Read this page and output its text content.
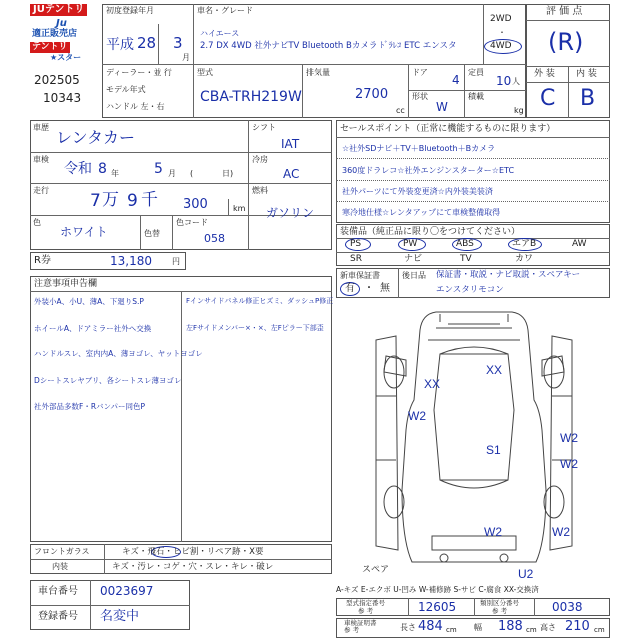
JUテントリ
Ju
適正販売店
テントリ
★スター
202505
10343
初度登録年月
平成 28 3
月
車名・グレード
ハイエース
2.7 DX 4WD 社外ナビTV Bluetooth Bカメラ ﾄﾞﾗﾚｺ ETC エンスタ
2WD
・
4WD
ディーラー・並 行
モデル年式
ハンドル 左・右
型式
CBA-TRH219W
排気量
2700
cc
ドア
4
定員
10 人
形状
W
積載
kg
評 価 点
(R)
外 装 内 装
C B
車歴
レンタカー
シフト
IAT
車検
令和 8 年	5 月 (	日)
冷房
AC
走行
7 万 9 千 300	km
燃料
ガソリン
色
ホワイト	色替
色コード
058
R券	13,180	円
セールスポイント（正常に機能するものに限ります）
☆社外SDナビ＋TV＋Bluetooth＋Bカメラ
360度ドラレコ☆社外エンジンスターター☆ETC
社外パーツにて外装変更済☆内外装美装済
寒冷地仕様☆レンタアップにて車検整備取得
装備品（純正品に限り〇をつけてください）
PS	PW	ABS	エアB	AW
SR	ナビ	TV	カワ
新車保証書
有 ・ 無
後日品 保証書・取説・ナビ取説・スペアキー
エンスタリモコン
注意事項申告欄
外装小A、小U、薄A、下廻りS.P
ホイールA、ドアミラー社外へ交換
ハンドルスレ、室内内A、薄ヨゴレ、ヤットヨゴレ
Dシートスレヤブリ、各シートスレ薄ヨゴレ
社外部品多数F・Rバンパー同色P
Fインサイドパネル修正ヒズミ、ダッシュP修正
左Fサイドメンバー×・×、左Fピラー下部歪
フロントガラス	キズ・飛石・ヒビ割・リペア跡・X要
内装	キズ・汚レ・コゲ・穴・スレ・キレ・破レ
車台番号 0023697
登録番号 名変中
XX
XX
W2
S1
W2
W2
W2	W2
U2
スペア
A-キズ E-エクボ U-凹み W-補修跡 S-サビ C-腐食 XX-交換済
型式指定番号
参 考	12605	類別区分番号
参 考	0038
車検証明書
参 考	長さ 484 cm 幅 188 cm 高さ 210 cm
